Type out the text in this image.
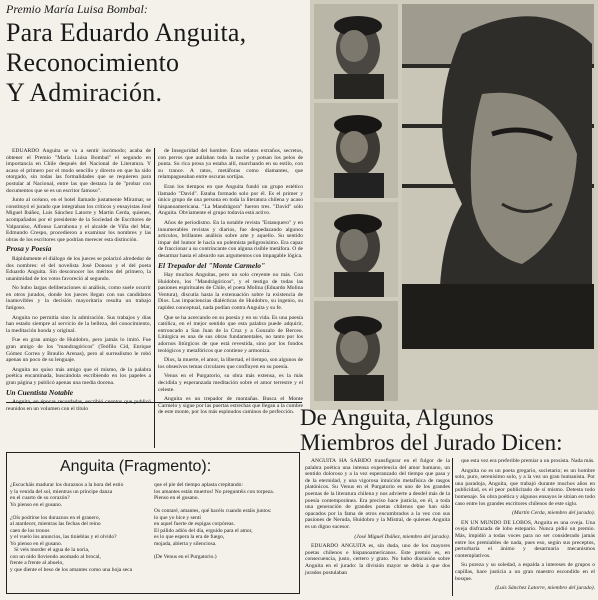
Premio María Luisa Bombal:
Para Eduardo Anguita,
Reconocimiento
Y Admiración.

EDUARDO Anguita se va a sentir incómodo; acaba de obtener el Premio "María Luisa Bombal" el segundo en importancia en Chile después del Nacional de Literatura. Y acaso el primero por el modo sencillo y directo en que ha sido otorgado, sin todas las formalidades que se requieren para postular al Nacional, entre las que destaca la de "probar con documentos que se es un escritor famoso".

Junto al océano, en el hotel llamado justamente Miramar, se constituyó el jurado que integraban los críticos y ensayistas José Miguel Ibáñez, Luis Sánchez Latorre y Martín Cerda, quienes, acompañados por el presidente de la Sociedad de Escritores de Valparaíso, Alfonso Larrahona y el alcalde de Viña del Mar, Edmundo Crespo, procedieron a examinar los nombres y las obras de los escritores que podrían merecer esta distinción.

Prosa y Poesía

Rápidamente el diálogo de los jueces se polarizó alrededor de dos nombres: el del novelista José Donoso y el del poeta Eduardo Anguita. Sin desconocer los méritos del primero, la unanimidad de los votos favoreció al segundo.

No hubo largas deliberaciones ni análisis, como suele ocurrir en otros jurados, donde los jueces llegan con sus candidatos inamovibles y la decisión mayoritaria resulta un trabajo fatigoso.

Anguita no permitía sino la admiración. Sus trabajos y días han estado siempre al servicio de la belleza, del conocimiento, la meditación honda y original.

Fue en gran amigo de Huidobro, pero jamás lo imitó. Fue gran amigo de los "mandragóricos" (Teófilo Cid, Enrique Gómez Correa y Braulio Arenas), pero al surrealismo le robó apenas un poco de su lenguaje.

Anguita no quiso más amigo que el mismo, de la palabra poética encaminada, buscándola escribiendo en los papeles a gran página y publicó apenas una media docena.

Un Cuentista Notable

reunidos en un volumen con el título

de Inseguridad del hombre. Eran relatos extraños, secretos, con perros que aullaban toda la noche y potsan los pelos de punta. Su rica prosa ya estaba allí, marchando en su estilo, con su trance. A ratos, metáforas como diamantes, que relampagueaban entre oscuras sortijas.

Eran los tiempos en que Anguita fundó un grupo estético llamado "David". Estaba formado solo por él. Es el primer y único grupo de una persona en toda la literatura chilena y acaso hispanoamericana. "La Mandrágora" fueron tres. "David" sólo Anguita. Obviamente el grupo todavía está activo.

Años de periodismo. En la notable revista "Estanquero" y en innumerables revistas y diarios, fue despedazando algunos artículos, brillantes análisis sobre arte y aquello. Su sentido impar del humor le hacía un polemista peligrosísimo. Era capaz de fraccionar a su contrincante con alguna risible metáfora. O de desarmar hasta el absurdo sus argumentos con impagable lógica.

El Trepador del "Monte Carmelo"

Hay muchos Anguitas, pero un solo creyente no más. Con Huidobro, los "Mandrágóricos", y el testigo de todas las pasiones espirituales de Chile, el poeta Molina (Eduardo Molina Ventura), discutía hasta la extenuación sobre la existencia de Dios. Las impaciencias dialécticas de Huidobro, su ingenio, su rapidez conceptual, nada podían contra Anguita y su fe.

Que se ha acercando en su poesía y en su vida. Es una poesía católica, en el mejor sentido que esta palabra puede adquirir, entroncado a San Juan de la Cruz y a Gonzalo de Berceo. Litúrgica es una de sus obras fundamentales, no tanto por los adornos litúrgicos de que está revestida, sino por los fondos teológicos y metafóricos que contiene y armoniza.

Dios, la muerte, el amor, la libertad, el tiempo, son algunos de los obsesivos temas circulares que confluyen en su poesía.

Venus en el Purgatorio, su obra más extensa, es la más decidida y esperanzada meditación sobre el amor terrestre y el celeste.

Anguita es un trepador de montañas. Busca el Monte Carmelo y sigue por las puertas estrechas que llegan a la cumbre de este monte, por los más espinudos caminos de perfección. De Anguita, Algunos
Miembros del Jurado Dicen:

ANGUITA HA SABIDO transfigurar en el fulgor de la palabra poética una intensa experiencia del amor humano, un sentido doloroso y a la vez esperanzado del tiempo que pasa y de la eternidad, y una vigorosa intuición metafísica de rasgos platónicos. Su Venus en el Purgatorio es uno de los grandes poemas de la literatura chilena y nos advierte a desdel más de la poesía contemporánea. Era preciso hace justicia, en él, a toda una generación de grandes poetas chilenos que han sido opacados por la fama de otros encumbrados a la vez con sus pasiones de Neruda, Huidobro y la Mistral, de quienes Anguita es un digno sucesor.

(José Miguel Ibáñez, miembro del jurado).

EDUARDO ANGUITA es, sin duda, uno de los mayores poetas chilenos e hispanoamericanos. Este premio es, en consecuencia, justo, certero y grato. No hubo discusión sobre Anguita en el jurado: la división mayor se debía a que dos jurados postulaban

que esta vez era preferible premiar a un prosista. Nada más.

Anguita no es un poeta gregario, societario; es un hombre solo, puro, serenísimo solo, y a la vez un gran humanista. Por una paradoja, Anguita, que trabajó durante muchos años en publicidad, es el peor publicitado de sí mismo. Detesta todo homenaje. Su obra poética y algunos ensayos le sitúan en todo caso entre los grandes escritores chilenos de este siglo.

(Martín Cerda, miembro del jurado).

EN UN MUNDO DE LOBOS, Anguita es una oveja. Una oveja disfrazada de lobo estepario. Nunca pidió un premio. Más, impidió a todas voces para no ser considerado jamás entre los premiables de nada, pues eso, según sus preceptos, perturbaría el ánimo y desarmaría mecanismos contemplativos.

Su pureza y su soledad, a espalda a intereses de grupos o capillas, hace justicia a un gran maestro escondido en el bosque.

(Luis Sánchez Latorre, miembro del jurado).

Anguita (Fragmento):
¿Escucháis madurar los duraznos a la hora del estío
y la venida del sol, mientras un príncipe danza
en el cuarto de su corazón?
Yo pienso en el gusano.

¿Oís podrirse los duraznos en el granero,
al atardecer, mientras las fechas del reino
caen de los tronos
y el vuelo los anuncios, las tinieblas y el olvido?
Yo pienso en el gusano.
Si veis morder el agua de la noria,
con un nido lloviendo asomado al brocal,
frente a frente al abuelo,
y que diente el beso de los amantes como una hoja seca
que el pie del tiempo aplasta crepitando:
los amantes están muertos! No preguntéis con torpeza.
Pienso en el gusano.

Os contaré, amantes, qué hacéis cuando estáis juntos:
lo que yo hice y sentí
en aquel fuerte de espigas corpóreas.
El pálido adiós del día, erguido para el amor,
es lo que espera la era de fuego,
mojada, abierta y silenciosa.

(De Venus en el Purgatorio.)
